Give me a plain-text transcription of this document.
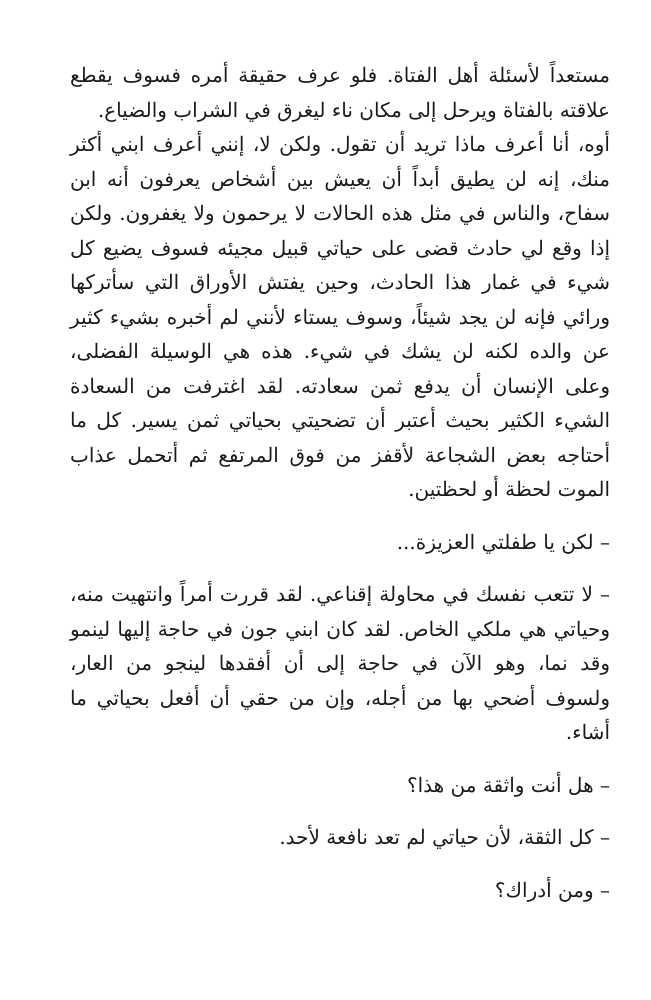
مستعداً لأسئلة أهل الفتاة. فلو عرف حقيقة أمره فسوف يقطع علاقته بالفتاة ويرحل إلى مكان ناء ليغرق في الشراب والضياع.

أوه، أنا أعرف ماذا تريد أن تقول. ولكن لا، إنني أعرف ابني أكثر منك، إنه لن يطيق أبداً أن يعيش بين أشخاص يعرفون أنه ابن سفاح، والناس في مثل هذه الحالات لا يرحمون ولا يغفرون. ولكن إذا وقع لي حادث قضى على حياتي قبيل مجيئه فسوف يضيع كل شيء في غمار هذا الحادث، وحين يفتش الأوراق التي سأتركها ورائي فإنه لن يجد شيئاً، وسوف يستاء لأنني لم أخبره بشيء كثير عن والده لكنه لن يشك في شيء. هذه هي الوسيلة الفضلى، وعلى الإنسان أن يدفع ثمن سعادته. لقد اغترفت من السعادة الشيء الكثير بحيث أعتبر أن تضحيتي بحياتي ثمن يسير. كل ما أحتاجه بعض الشجاعة لأقفز من فوق المرتفع ثم أتحمل عذاب الموت لحظة أو لحظتين.

– لكن يا طفلتي العزيزة...

– لا تتعب نفسك في محاولة إقناعي. لقد قررت أمراً وانتهيت منه، وحياتي هي ملكي الخاص. لقد كان ابني جون في حاجة إليها لينمو وقد نما، وهو الآن في حاجة إلى أن أفقدها لينجو من العار، ولسوف أضحي بها من أجله، وإن من حقي أن أفعل بحياتي ما أشاء.

– هل أنت واثقة من هذا؟

– كل الثقة، لأن حياتي لم تعد نافعة لأحد.

– ومن أدراك؟
